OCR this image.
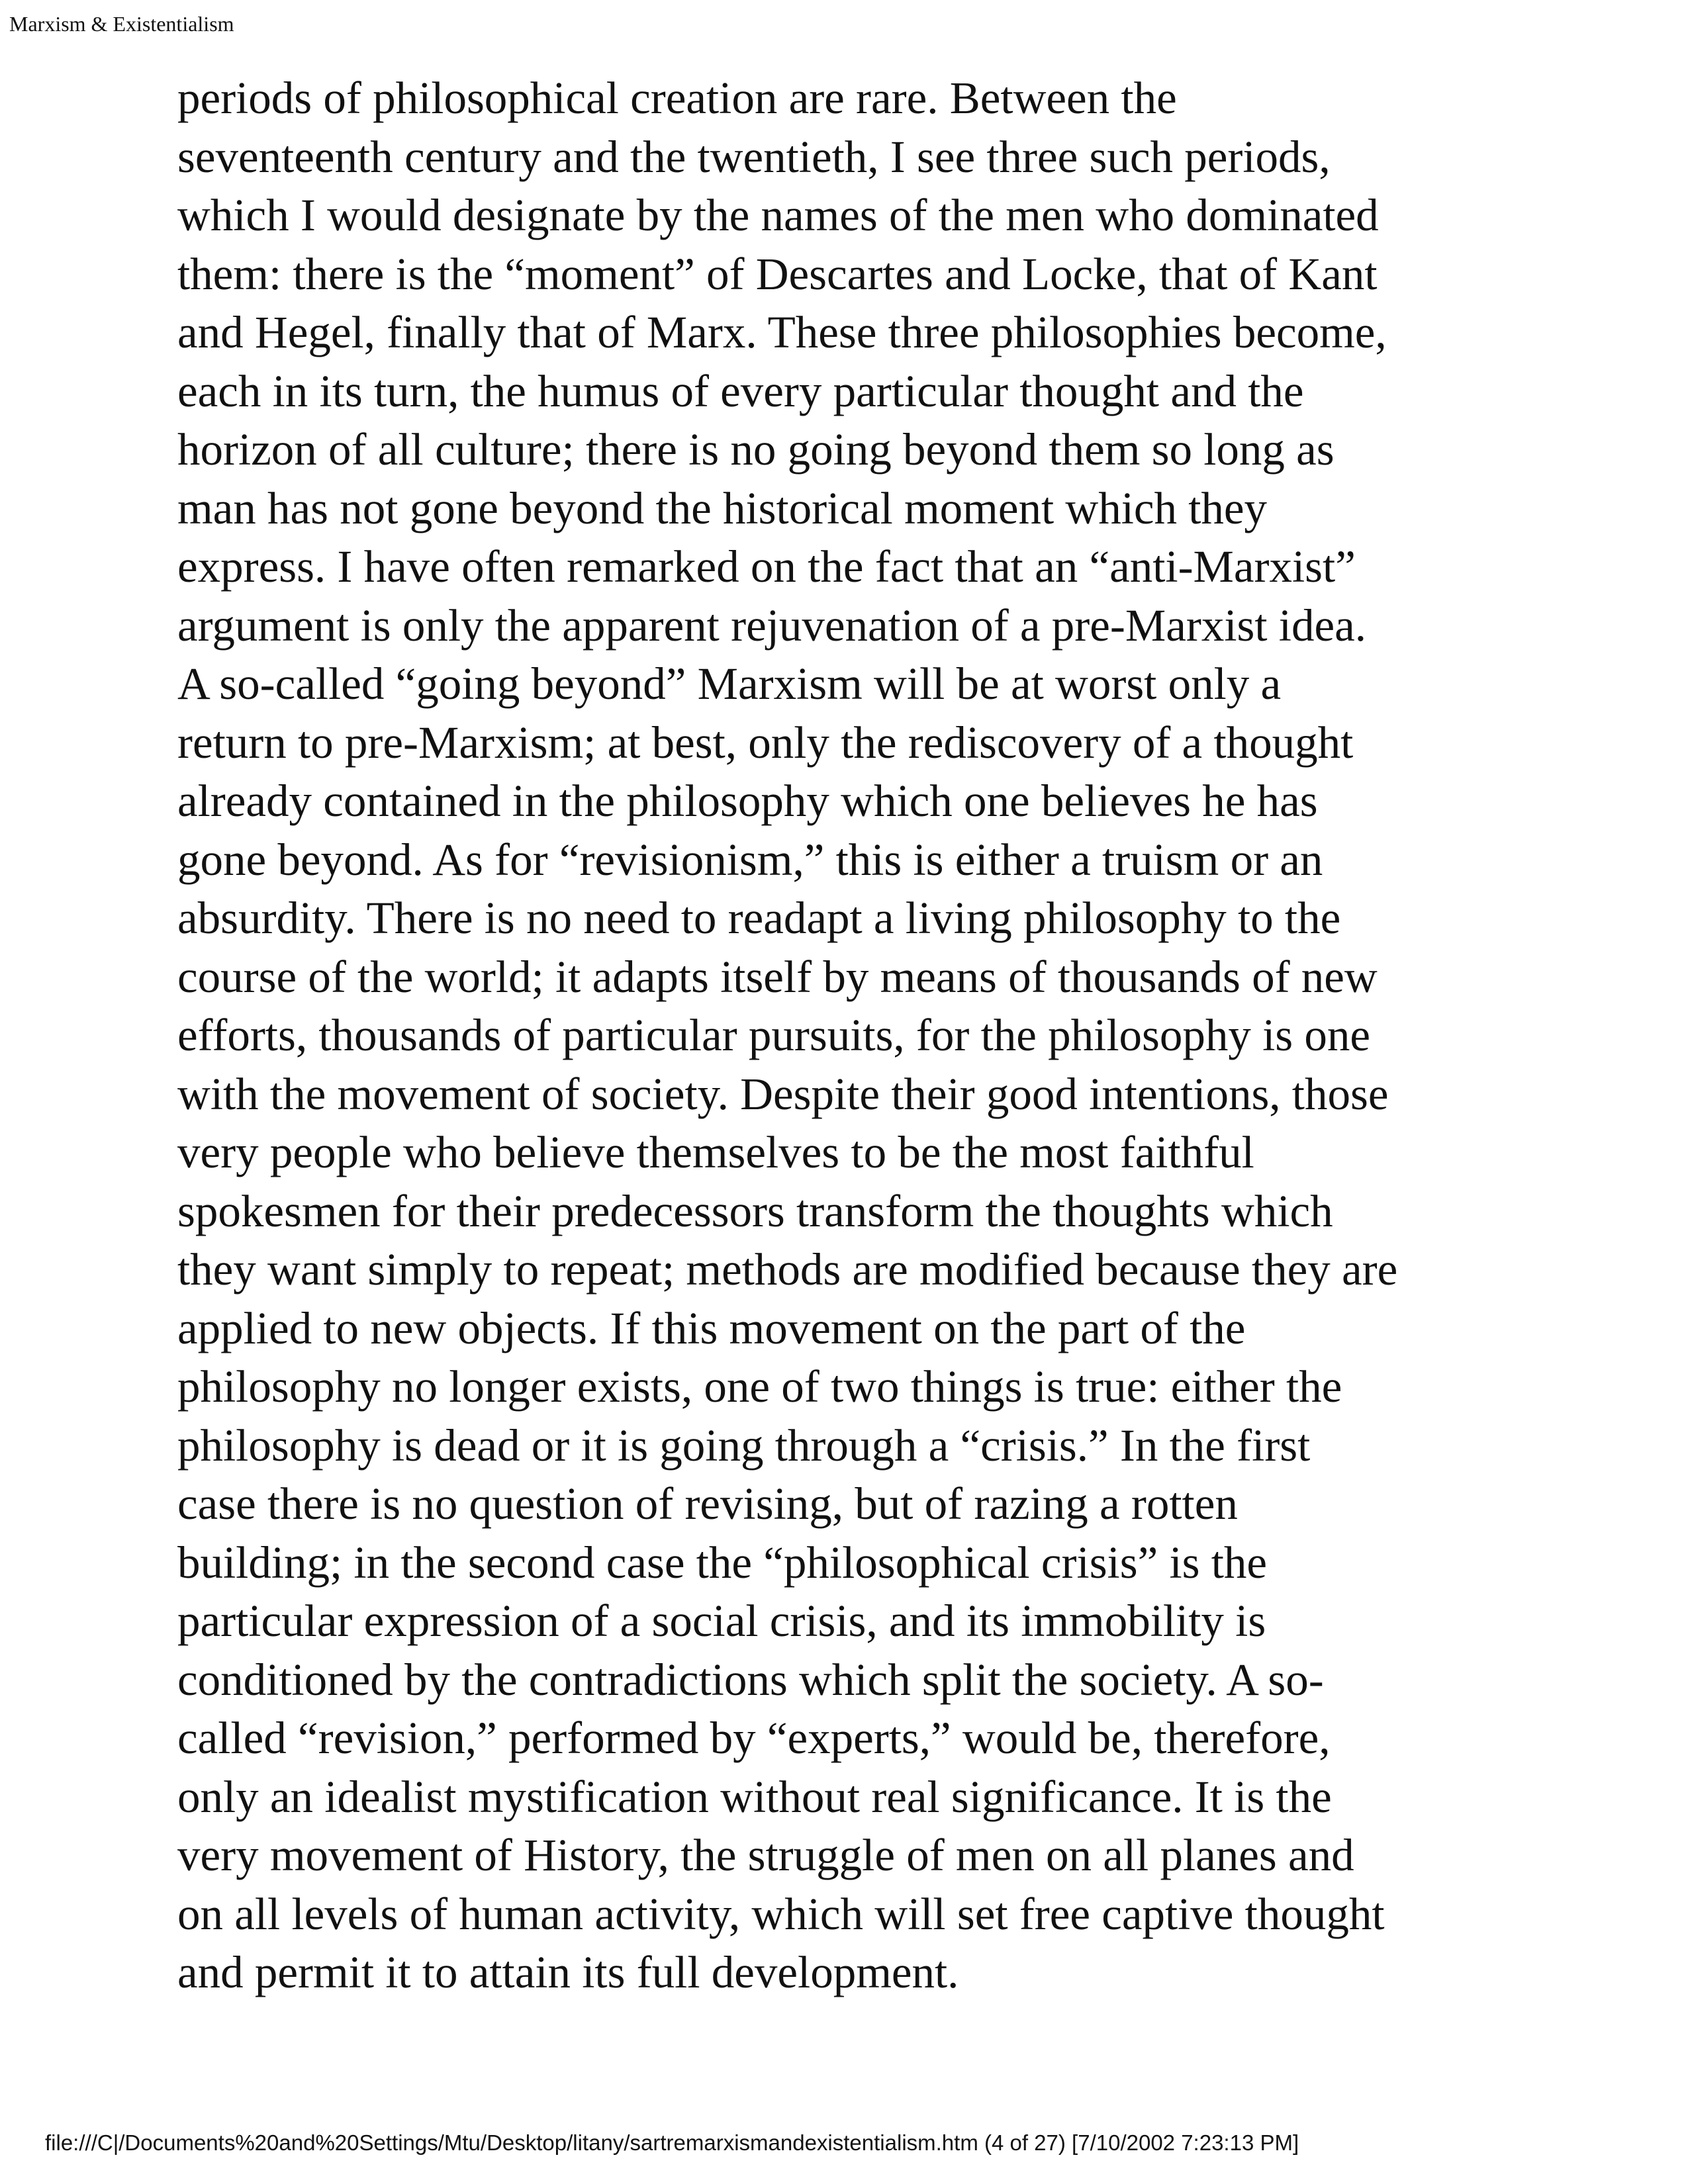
Marxism & Existentialism
periods of philosophical creation are rare. Between the
seventeenth century and the twentieth, I see three such periods,
which I would designate by the names of the men who dominated
them: there is the “moment” of Descartes and Locke, that of Kant
and Hegel, finally that of Marx. These three philosophies become,
each in its turn, the humus of every particular thought and the
horizon of all culture; there is no going beyond them so long as
man has not gone beyond the historical moment which they
express. I have often remarked on the fact that an “anti-Marxist”
argument is only the apparent rejuvenation of a pre-Marxist idea.
A so-called “going beyond” Marxism will be at worst only a
return to pre-Marxism; at best, only the rediscovery of a thought
already contained in the philosophy which one believes he has
gone beyond. As for “revisionism,” this is either a truism or an
absurdity. There is no need to readapt a living philosophy to the
course of the world; it adapts itself by means of thousands of new
efforts, thousands of particular pursuits, for the philosophy is one
with the movement of society. Despite their good intentions, those
very people who believe themselves to be the most faithful
spokesmen for their predecessors transform the thoughts which
they want simply to repeat; methods are modified because they are
applied to new objects. If this movement on the part of the
philosophy no longer exists, one of two things is true: either the
philosophy is dead or it is going through a “crisis.” In the first
case there is no question of revising, but of razing a rotten
building; in the second case the “philosophical crisis” is the
particular expression of a social crisis, and its immobility is
conditioned by the contradictions which split the society. A so-
called “revision,” performed by “experts,” would be, therefore,
only an idealist mystification without real significance. It is the
very movement of History, the struggle of men on all planes and
on all levels of human activity, which will set free captive thought
and permit it to attain its full development.
file:///C|/Documents%20and%20Settings/Mtu/Desktop/litany/sartremarxismandexistentialism.htm (4 of 27) [7/10/2002 7:23:13 PM]
